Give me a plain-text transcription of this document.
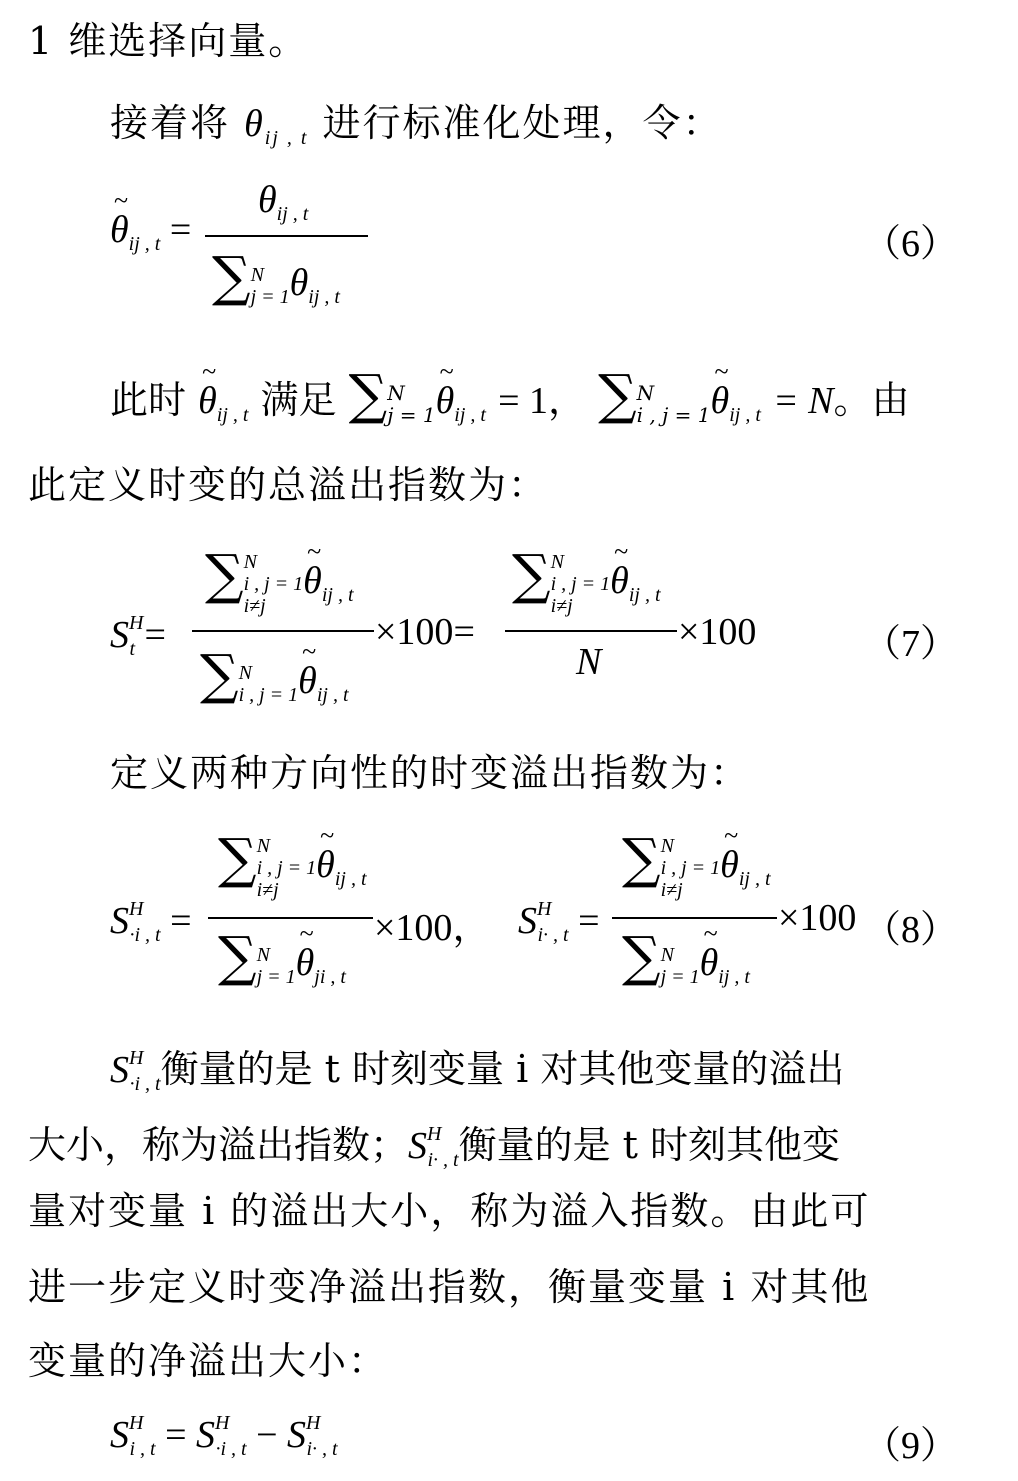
1 维选择向量。
接着将 $\theta_{ij , t}$ 进行标准化处理，令：
~ $\theta_{ij , t}$ =
$\theta_{ij , t}$
∑N
$j = 1\theta_{ij , t}$
（6）
此时 ~ $\theta_{ij , t}$ 满足 ∑N
j = 1~ $\theta_{ij , t} = 1$， ∑N
i , j = 1~ $\theta_{ij , t} = N$。由
此定义时变的总溢出指数为：
$S^H_t$ =
∑N
i , j = 1
i≠j~ $\theta_{ij , t}$
∑N
i , j = 1~ $\theta_{ij , t}$
×100=
∑N
i , j = 1
i≠j~ $\theta_{ij , t}$
N
×100	（7）
定义两种方向性的时变溢出指数为：
$S^H_{\cdot i , t}$ =
∑N
i , j = 1
i≠j~ $\theta_{ij , t}$
∑N
j = 1~ $\theta_{ji , t}$
×100， $S^H_{i\cdot , t}$ =
∑N
i , j = 1
i≠j~ $\theta_{ij , t}$
∑N
j = 1~ $\theta_{ij , t}$
×100 （8）
$S^H_{\cdot i , t}$衡量的是 t 时刻变量 i 对其他变量的溢出
大小，称为溢出指数；$S^H_{i\cdot , t}$衡量的是 t 时刻其他变
量对变量 i 的溢出大小，称为溢入指数。由此可
进一步定义时变净溢出指数，衡量变量 i 对其他
变量的净溢出大小：
$S^H_{i , t} = S^H_{\cdot i , t} - S^H_{i\cdot , t}$	（9）
